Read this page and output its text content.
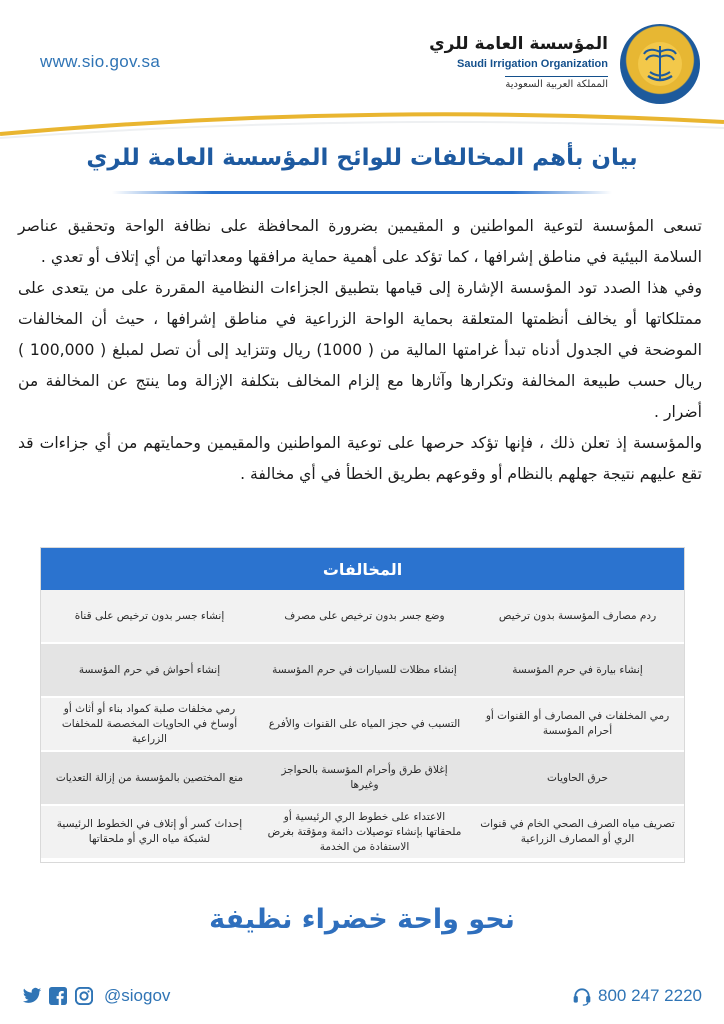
www.sio.gov.sa
المؤسسة العامة للري
Saudi Irrigation Organization
المملكة العربية السعودية
بيان بأهم المخالفات للوائح المؤسسة العامة للري

تسعى المؤسسة لتوعية المواطنين و المقيمين بضرورة المحافظة على نظافة الواحة وتحقيق عناصر السلامة البيئية في مناطق إشرافها ، كما تؤكد على أهمية حماية مرافقها ومعداتها من أي إتلاف أو تعدي .

وفي هذا الصدد تود المؤسسة الإشارة إلى قيامها بتطبيق الجزاءات النظامية المقررة على من يتعدى على ممتلكاتها أو يخالف أنظمتها المتعلقة بحماية الواحة الزراعية في مناطق إشرافها ، حيث أن المخالفات الموضحة في الجدول أدناه تبدأ غرامتها المالية من ( 1000) ريال وتتزايد إلى أن تصل لمبلغ ( 100,000 ) ريال حسب طبيعة المخالفة وتكرارها وآثارها مع إلزام المخالف بتكلفة الإزالة وما ينتج عن المخالفة من أضرار .

والمؤسسة إذ تعلن ذلك ، فإنها تؤكد حرصها على توعية المواطنين والمقيمين وحمايتهم من أي جزاءات قد تقع عليهم نتيجة جهلهم بالنظام أو وقوعهم بطريق الخطأ في أي مخالفة .

المخالفات
ردم مصارف المؤسسة بدون ترخيص
وضع جسر بدون ترخيص على مصرف
إنشاء جسر بدون ترخيص على قناة
إنشاء بيارة في حرم المؤسسة
إنشاء مظلات للسيارات في حرم المؤسسة
إنشاء أحواش في حرم المؤسسة
رمي المخلفات في المصارف أو القنوات أو أحرام المؤسسة
التسبب في حجز المياه على القنوات والأفرع
رمي مخلفات صلبة كمواد بناء أو أثاث أو أوساخ في الحاويات المخصصة للمخلفات الزراعية
حرق الحاويات
إغلاق طرق وأحرام المؤسسة بالحواجز وغيرها
منع المختصين بالمؤسسة من إزالة التعديات
تصريف مياه الصرف الصحي الخام في قنوات الري أو المصارف الزراعية
الاعتداء على خطوط الري الرئيسية أو ملحقاتها بإنشاء توصيلات دائمة ومؤقتة بغرض الاستفادة من الخدمة
إحداث كسر أو إتلاف في الخطوط الرئيسية لشبكة مياه الري أو ملحقاتها
نحو واحة خضراء نظيفة
@siogov	800 247 2220
